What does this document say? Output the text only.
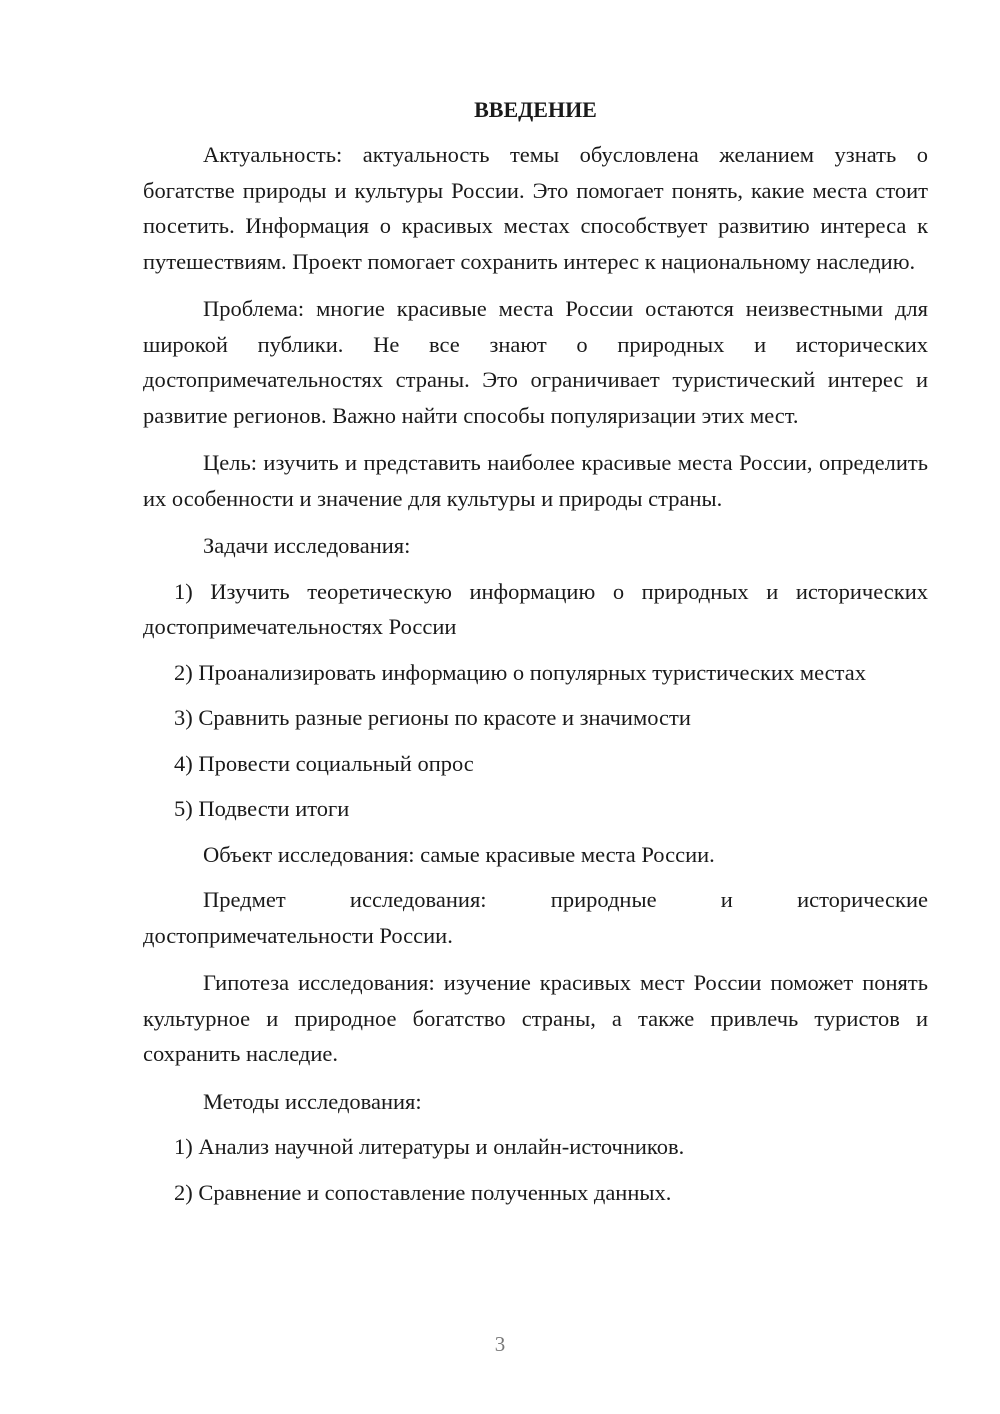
ВВЕДЕНИЕ

Актуальность: актуальность темы обусловлена желанием узнать о богатстве природы и культуры России. Это помогает понять, какие места стоит посетить. Информация о красивых местах способствует развитию интереса к путешествиям. Проект помогает сохранить интерес к национальному наследию.

Проблема: многие красивые места России остаются неизвестными для широкой публики. Не все знают о природных и исторических достопримечательностях страны. Это ограничивает туристический интерес и развитие регионов. Важно найти способы популяризации этих мест.

Цель: изучить и представить наиболее красивые места России, определить их особенности и значение для культуры и природы страны.

Задачи исследования:

1) Изучить теоретическую информацию о природных и исторических достопримечательностях России

2) Проанализировать информацию о популярных туристических местах

3) Сравнить разные регионы по красоте и значимости

4) Провести социальный опрос

5) Подвести итоги

Объект исследования: самые красивые места России.

Предмет исследования: природные и исторические достопримечательности России.

Гипотеза исследования: изучение красивых мест России поможет понять культурное и природное богатство страны, а также привлечь туристов и сохранить наследие.

Методы исследования:

1) Анализ научной литературы и онлайн-источников.

2) Сравнение и сопоставление полученных данных.

3
